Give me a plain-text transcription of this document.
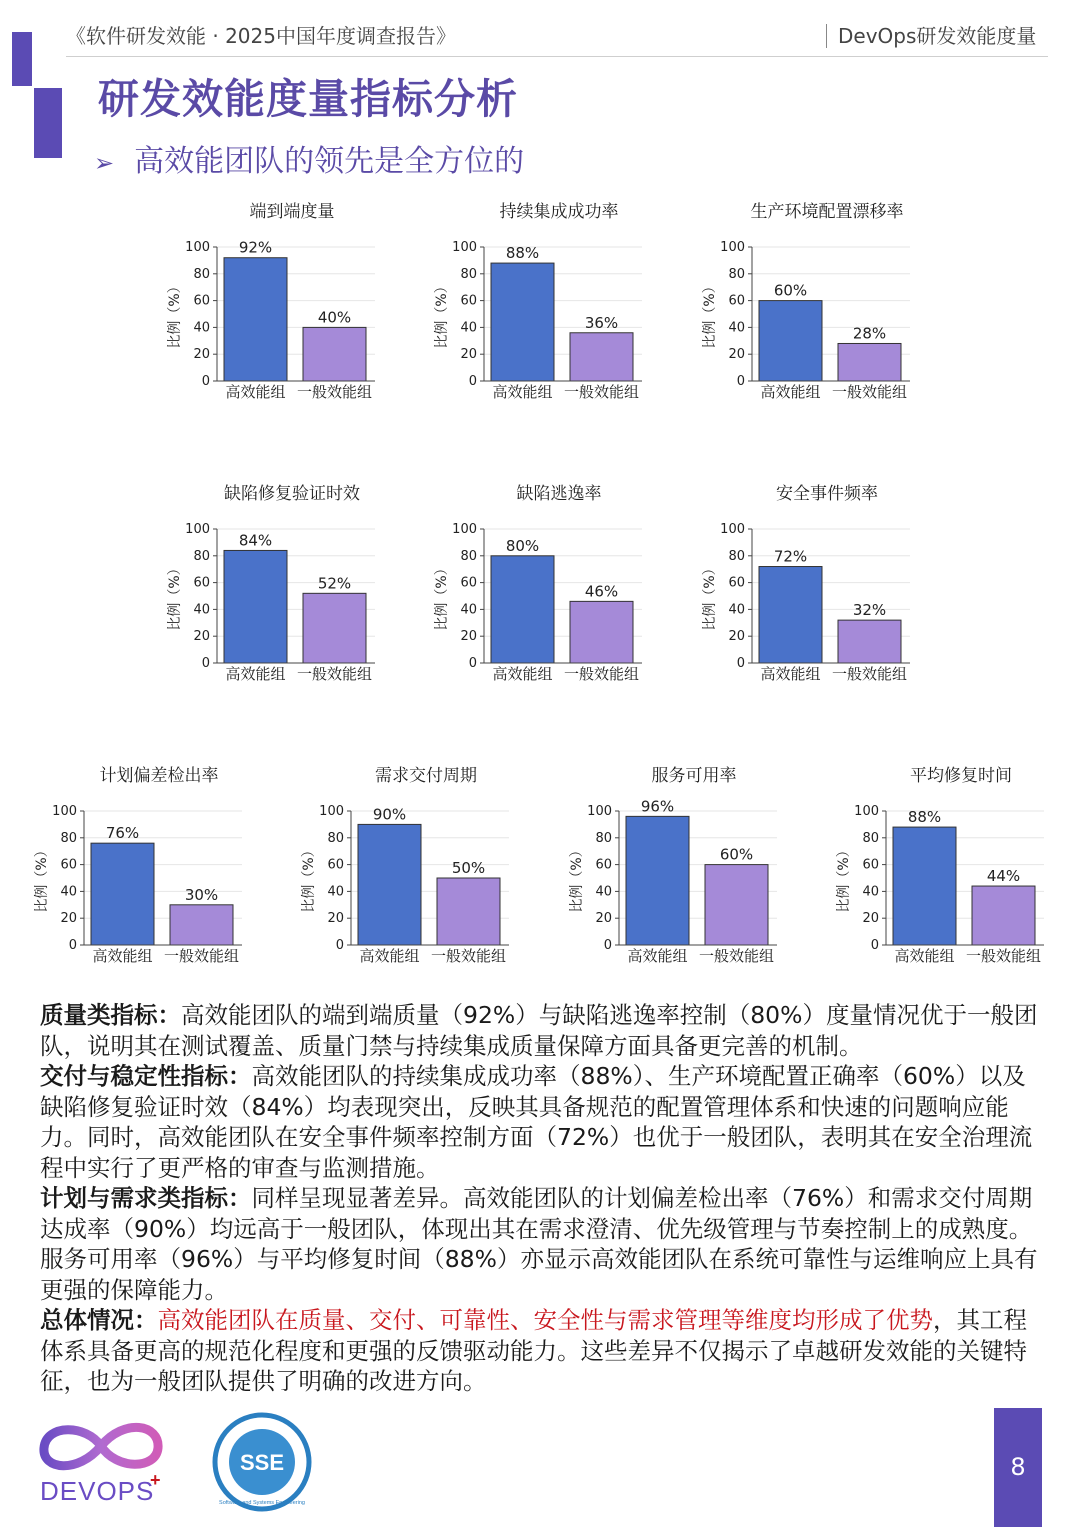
《软件研发效能 · 2025中国年度调查报告》	DevOps研发效能度量
研发效能度量指标分析
➢ 高效能团队的领先是全方位的
端到端度量
0
20
40
60
80
100
比例（%）
92%
高效能组
40%
一般效能组
持续集成成功率
0
20
40
60
80
100
比例（%）
88%
高效能组
36%
一般效能组
生产环境配置漂移率
0
20
40
60
80
100
比例（%）	60%
高效能组
28%
一般效能组
缺陷修复验证时效
0
20
40
60
80
100
比例（%）
84%
高效能组
52%
一般效能组
缺陷逃逸率
0
20
40
60
80
100
比例（%）
80%
高效能组
46%
一般效能组
安全事件频率
0
20
40
60
80
100
比例（%）
72%
高效能组
32%
一般效能组
计划偏差检出率
0
20
40
60
80
100
比例（%）
76%
高效能组
30%
一般效能组
需求交付周期
0
20
40
60
80
100
比例（%）
90%
高效能组
50%
一般效能组
服务可用率
0
20
40
60
80
100
比例（%）
96%
高效能组
60%
一般效能组
平均修复时间
0
20
40
60
80
100
比例（%）
88%
高效能组
44%
一般效能组

质量类指标：高效能团队的端到端质量（92%）与缺陷逃逸率控制（80%）度量情况优于一般团队，说明其在测试覆盖、质量门禁与持续集成质量保障方面具备更完善的机制。

交付与稳定性指标：高效能团队的持续集成成功率（88%）、生产环境配置正确率（60%）以及缺陷修复验证时效（84%）均表现突出，反映其具备规范的配置管理体系和快速的问题响应能力。同时，高效能团队在安全事件频率控制方面（72%）也优于一般团队，表明其在安全治理流程中实行了更严格的审查与监测措施。

计划与需求类指标：同样呈现显著差异。高效能团队的计划偏差检出率（76%）和需求交付周期达成率（90%）均远高于一般团队，体现出其在需求澄清、优先级管理与节奏控制上的成熟度。服务可用率（96%）与平均修复时间（88%）亦显示高效能团队在系统可靠性与运维响应上具有更强的保障能力。

总体情况：高效能团队在质量、交付、可靠性、安全性与需求管理等维度均形成了优势，其工程体系具备更高的规范化程度和更强的反馈驱动能力。这些差异不仅揭示了卓越研发效能的关键特征，也为一般团队提供了明确的改进方向。

DEVOPS
+
SSE
Software and Systems Engineering
8
